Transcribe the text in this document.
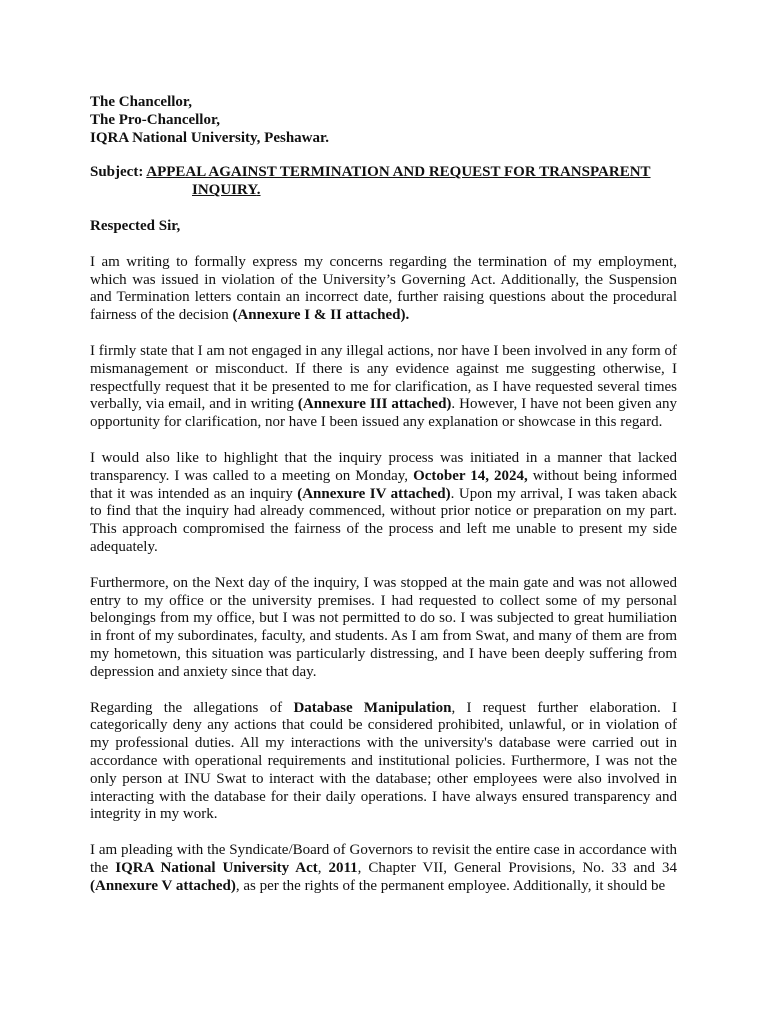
The Chancellor,
The Pro-Chancellor,
IQRA National University, Peshawar.
Subject: APPEAL AGAINST TERMINATION AND REQUEST FOR TRANSPARENT
INQUIRY.
Respected Sir,

I am writing to formally express my concerns regarding the termination of my employment, which was issued in violation of the University’s Governing Act. Additionally, the Suspension and Termination letters contain an incorrect date, further raising questions about the procedural fairness of the decision (Annexure I & II attached).

I firmly state that I am not engaged in any illegal actions, nor have I been involved in any form of mismanagement or misconduct. If there is any evidence against me suggesting otherwise, I respectfully request that it be presented to me for clarification, as I have requested several times verbally, via email, and in writing (Annexure III attached). However, I have not been given any opportunity for clarification, nor have I been issued any explanation or showcase in this regard.

I would also like to highlight that the inquiry process was initiated in a manner that lacked transparency. I was called to a meeting on Monday, October 14, 2024, without being informed that it was intended as an inquiry (Annexure IV attached). Upon my arrival, I was taken aback to find that the inquiry had already commenced, without prior notice or preparation on my part. This approach compromised the fairness of the process and left me unable to present my side adequately.

Furthermore, on the Next day of the inquiry, I was stopped at the main gate and was not allowed entry to my office or the university premises. I had requested to collect some of my personal belongings from my office, but I was not permitted to do so. I was subjected to great humiliation in front of my subordinates, faculty, and students. As I am from Swat, and many of them are from my hometown, this situation was particularly distressing, and I have been deeply suffering from depression and anxiety since that day.

Regarding the allegations of Database Manipulation, I request further elaboration. I categorically deny any actions that could be considered prohibited, unlawful, or in violation of my professional duties. All my interactions with the university's database were carried out in accordance with operational requirements and institutional policies. Furthermore, I was not the only person at INU Swat to interact with the database; other employees were also involved in interacting with the database for their daily operations. I have always ensured transparency and integrity in my work.

I am pleading with the Syndicate/Board of Governors to revisit the entire case in accordance with the IQRA National University Act, 2011, Chapter VII, General Provisions, No. 33 and 34 (Annexure V attached), as per the rights of the permanent employee. Additionally, it should be
